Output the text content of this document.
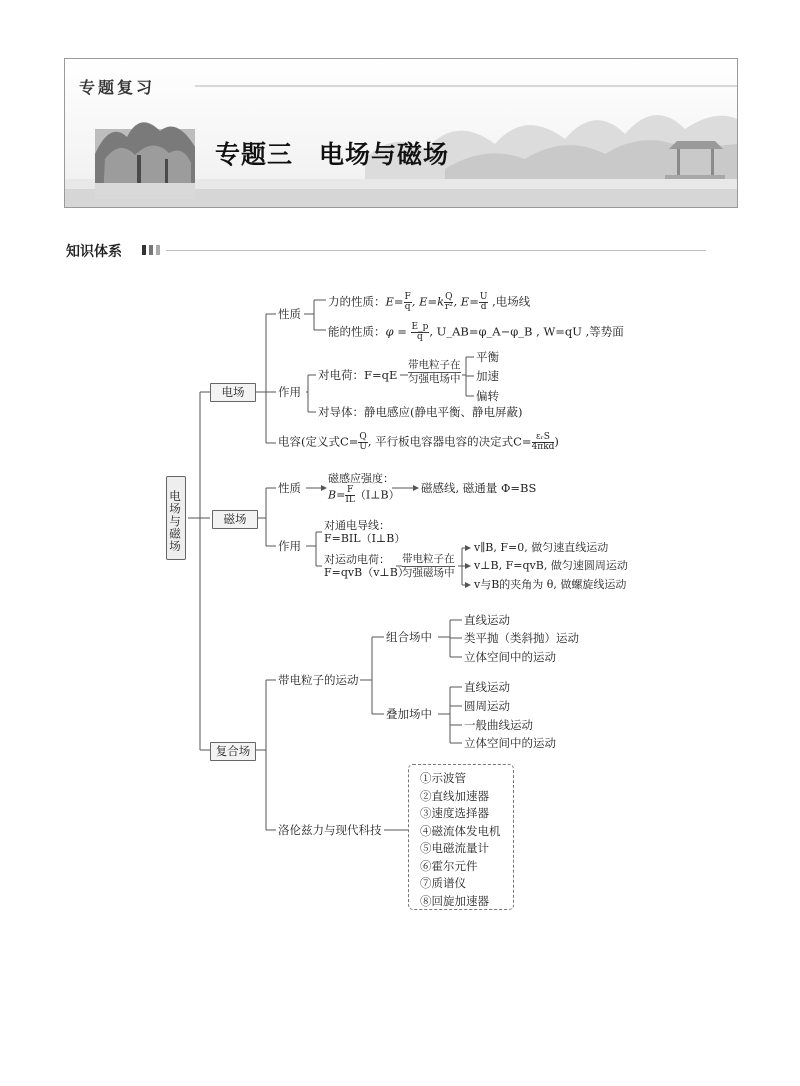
专题复习
专题三　电场与磁场
知识体系
电场与磁场
电场
性质
力的性质：$E= \frac{F}{q}$ , $E=k \frac{Q}{\text{r²}}$ , $E= \frac{U}{d}$ ,电场线
能的性质：$\varphi = \frac{E\_p}{q}$ , U_AB=φ_A−φ_B , W=qU ,等势面
作用
对电荷：F=qE
带电粒子在
匀强电场中
平衡
加速
偏转
对导体：静电感应(静电平衡、静电屏蔽)
电容(定义式$C= \frac{Q}{U}$ , 平行板电容器电容的决定式$C= \frac{\text{εᵣS}}{\text{4πkd}}$ )
磁场
性质
磁感应强度：
$B= \frac{F}{IL}$ （I⊥B） 磁感线, 磁通量 Φ=BS
作用
对通电导线：
F=BIL（I⊥B）
对运动电荷：
F=qvB（v⊥B）
带电粒子在
匀强磁场中
v∥B, F=0, 做匀速直线运动
v⊥B, F=qvB, 做匀速圆周运动
v与B的夹角为 θ, 做螺旋线运动
复合场
带电粒子的运动
组合场中
直线运动
类平抛（类斜抛）运动
立体空间中的运动
叠加场中
直线运动
圆周运动
一般曲线运动
立体空间中的运动
洛伦兹力与现代科技
①示波管
②直线加速器
③速度选择器
④磁流体发电机
⑤电磁流量计
⑥霍尔元件
⑦质谱仪
⑧回旋加速器
